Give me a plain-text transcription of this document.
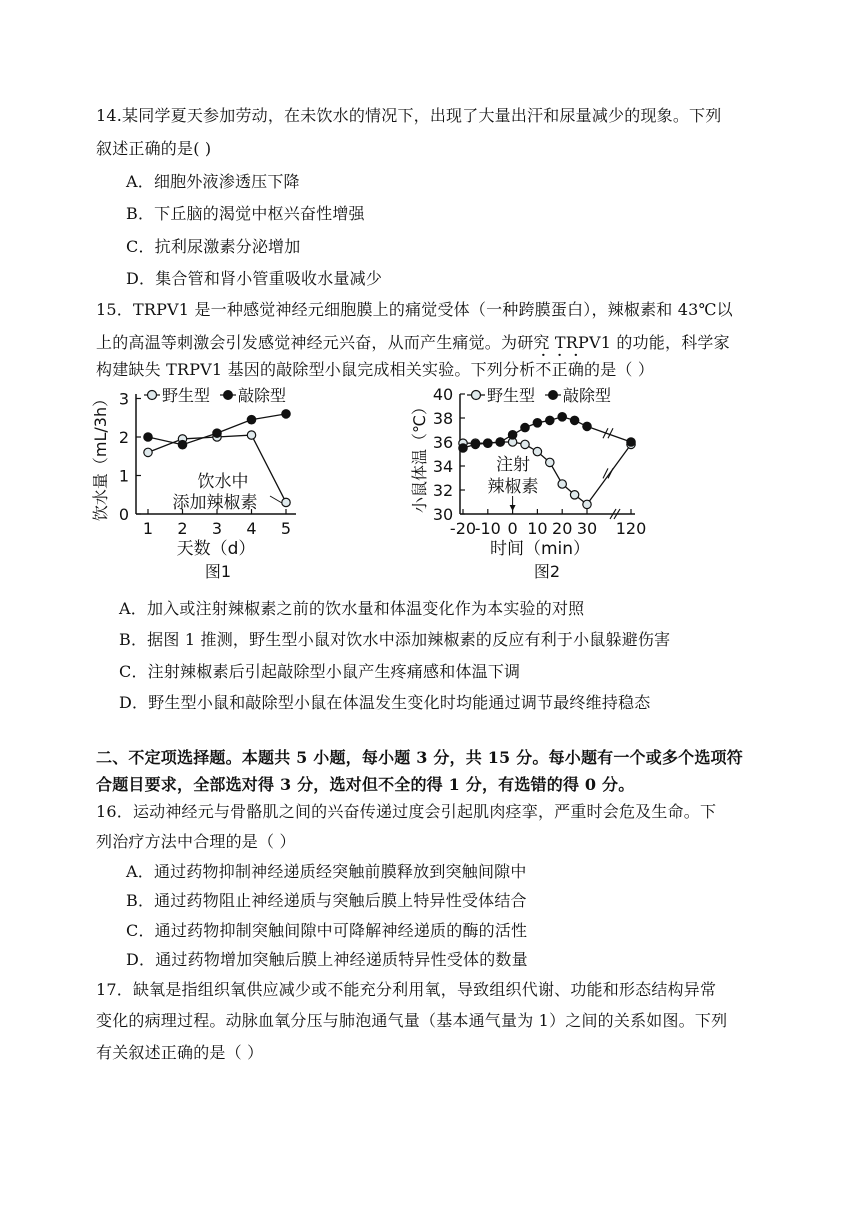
14.某同学夏天参加劳动，在未饮水的情况下，出现了大量出汗和尿量减少的现象。下列
叙述正确的是( )
A．细胞外液渗透压下降
B．下丘脑的渴觉中枢兴奋性增强
C．抗利尿激素分泌增加
D．集合管和肾小管重吸收水量减少
15．TRPV1 是一种感觉神经元细胞膜上的痛觉受体（一种跨膜蛋白），辣椒素和 43℃以
上的高温等刺激会引发感觉神经元兴奋，从而产生痛觉。为研究 TRPV1 的功能，科学家
构建缺失 TRPV1 基因的敲除型小鼠完成相关实验。下列分析不正确的是（ ）
0
1
2
3
1 2 3 4 5
饮水量（mL/3h）
天数（d）
图1
野生型 敲除型
饮水中
添加辣椒素
30
32
34
36
38
40
-20
-10 0 10 20 30 120
小鼠体温（℃）
时间（min）
图2
野生型 敲除型
注射
辣椒素
A．加入或注射辣椒素之前的饮水量和体温变化作为本实验的对照
B．据图 1 推测，野生型小鼠对饮水中添加辣椒素的反应有利于小鼠躲避伤害
C．注射辣椒素后引起敲除型小鼠产生疼痛感和体温下调
D．野生型小鼠和敲除型小鼠在体温发生变化时均能通过调节最终维持稳态
二、不定项选择题。本题共 5 小题，每小题 3 分，共 15 分。每小题有一个或多个选项符
合题目要求，全部选对得 3 分，选对但不全的得 1 分，有选错的得 0 分。
16．运动神经元与骨骼肌之间的兴奋传递过度会引起肌肉痉挛，严重时会危及生命。下
列治疗方法中合理的是（ ）
A．通过药物抑制神经递质经突触前膜释放到突触间隙中
B．通过药物阻止神经递质与突触后膜上特异性受体结合
C．通过药物抑制突触间隙中可降解神经递质的酶的活性
D．通过药物增加突触后膜上神经递质特异性受体的数量
17．缺氧是指组织氧供应减少或不能充分利用氧，导致组织代谢、功能和形态结构异常
变化的病理过程。动脉血氧分压与肺泡通气量（基本通气量为 1）之间的关系如图。下列
有关叙述正确的是（ ）
